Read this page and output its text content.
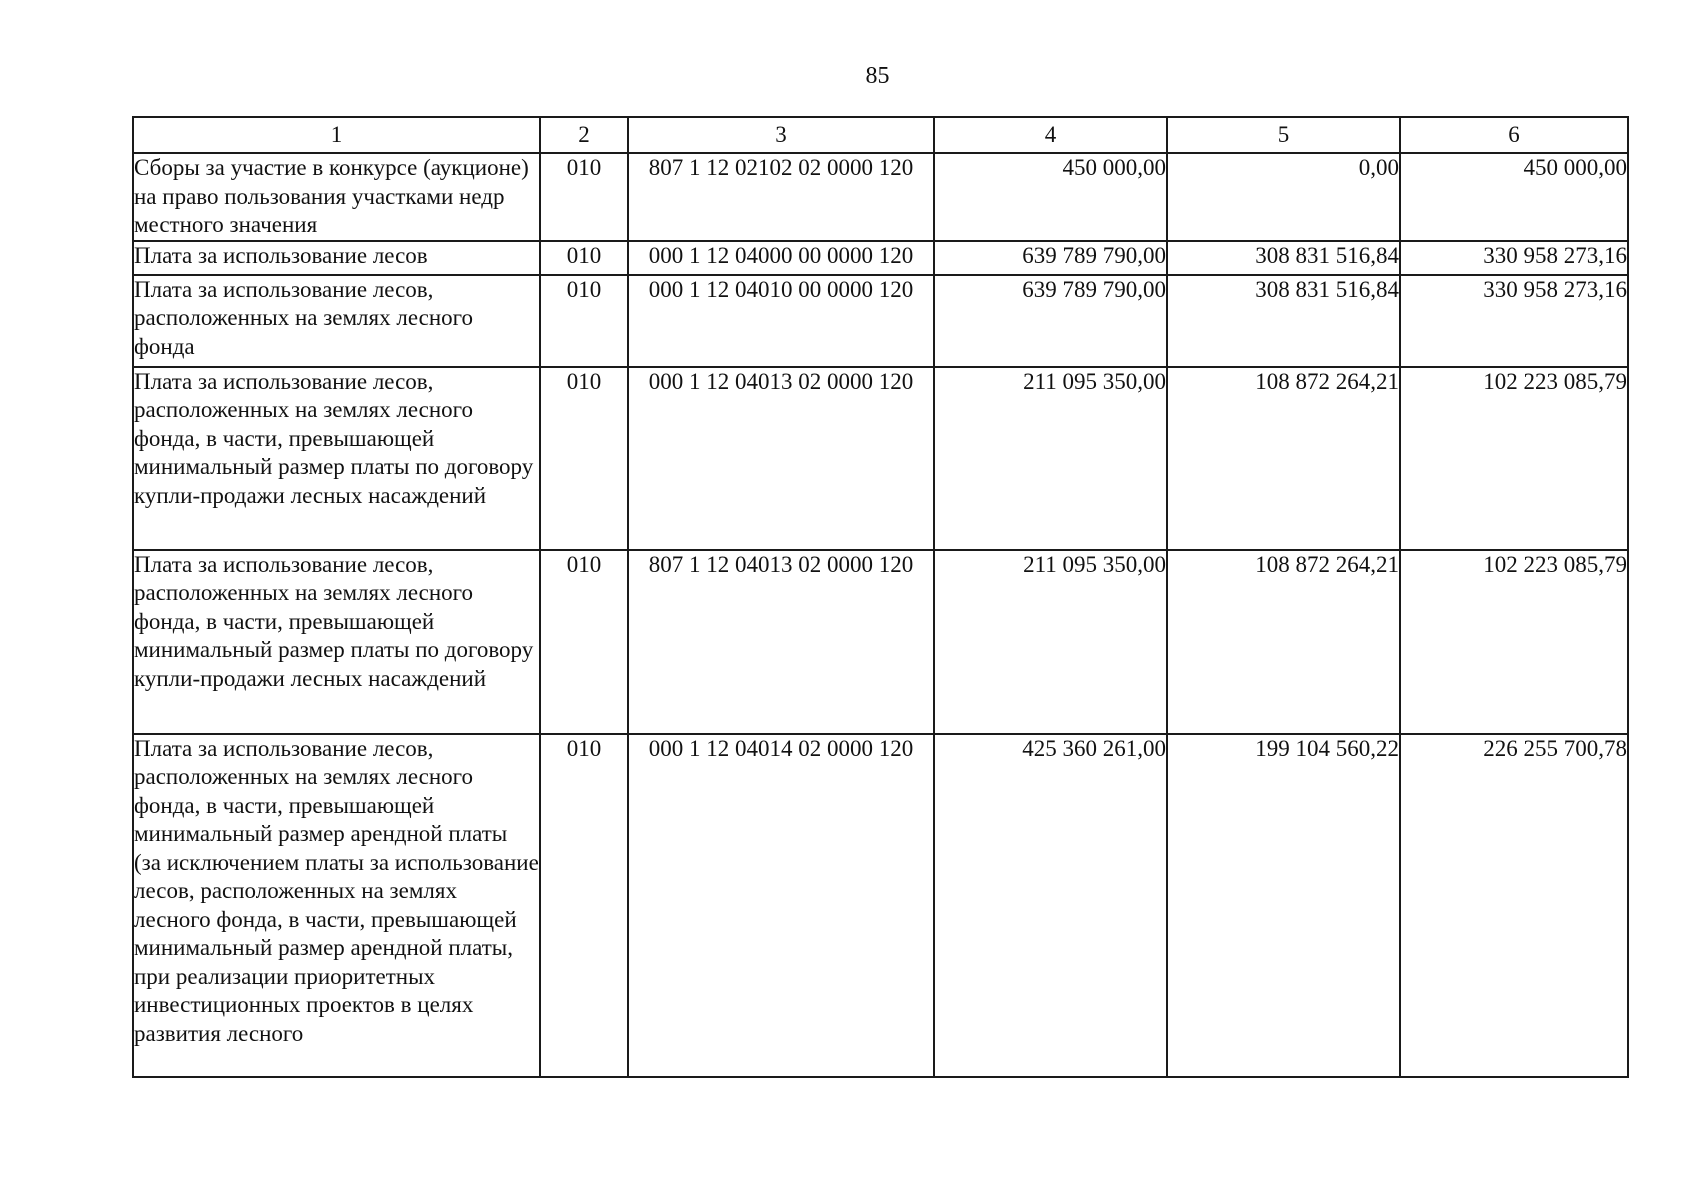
85
1	2	3	4	5	6
Сборы за участие в конкурсе (аукционе) на право пользования участками недр местного значения	010	807 1 12 02102 02 0000 120	450 000,00	0,00	450 000,00
Плата за использование лесов	010	000 1 12 04000 00 0000 120	639 789 790,00	308 831 516,84	330 958 273,16
Плата за использование лесов, расположенных на землях лесного фонда	010	000 1 12 04010 00 0000 120	639 789 790,00	308 831 516,84	330 958 273,16
Плата за использование лесов, расположенных на землях лесного фонда, в части, превышающей минимальный размер платы по договору купли-продажи лесных насаждений	010	000 1 12 04013 02 0000 120	211 095 350,00	108 872 264,21	102 223 085,79
Плата за использование лесов, расположенных на землях лесного фонда, в части, превышающей минимальный размер платы по договору купли-продажи лесных насаждений	010	807 1 12 04013 02 0000 120	211 095 350,00	108 872 264,21	102 223 085,79
Плата за использование лесов, расположенных на землях лесного фонда, в части, превышающей минимальный размер арендной платы (за исключением платы за использование лесов, расположенных на землях лесного фонда, в части, превышающей минимальный размер арендной платы, при реализации приоритетных инвестиционных проектов в целях развития лесного	010	000 1 12 04014 02 0000 120	425 360 261,00	199 104 560,22	226 255 700,78
